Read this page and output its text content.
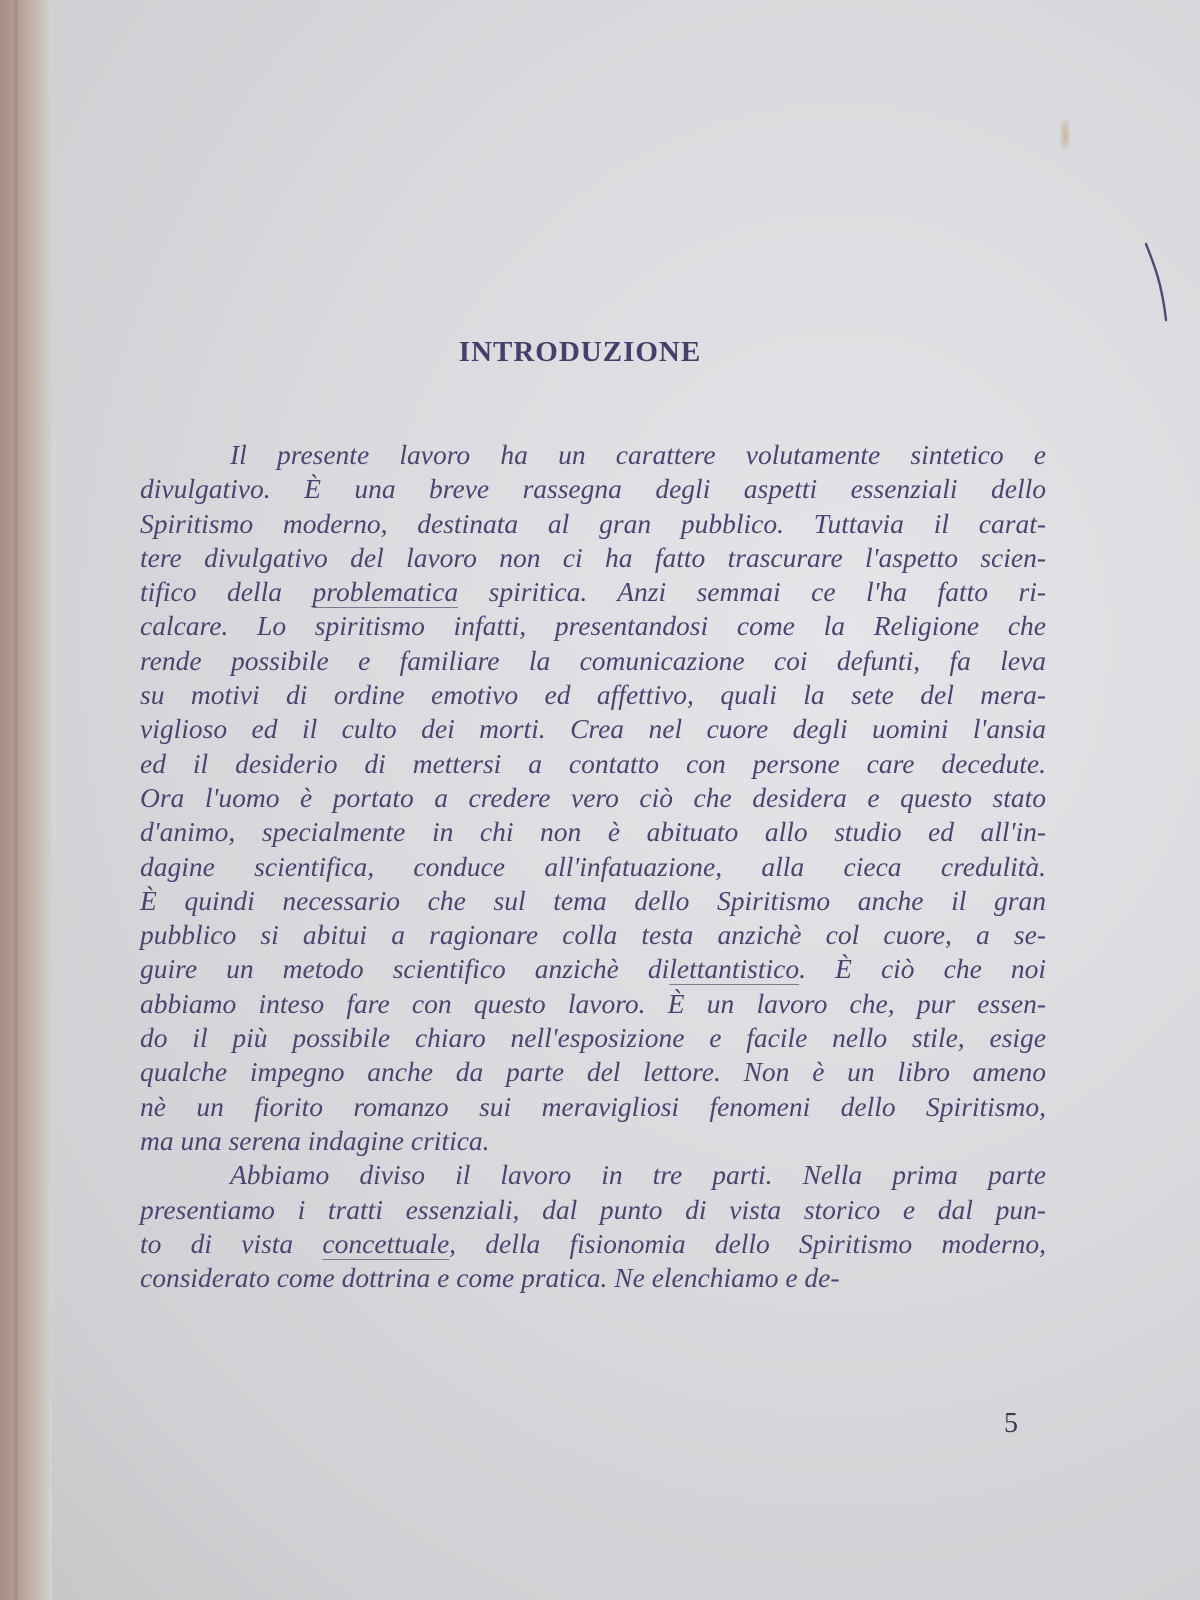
INTRODUZIONE
Il presente lavoro ha un carattere volutamente sintetico e
divulgativo. È una breve rassegna degli aspetti essenziali dello
Spiritismo moderno, destinata al gran pubblico. Tuttavia il carat-
tere divulgativo del lavoro non ci ha fatto trascurare l'aspetto scien-
tifico della problematica spiritica. Anzi semmai ce l'ha fatto ri-
calcare. Lo spiritismo infatti, presentandosi come la Religione che
rende possibile e familiare la comunicazione coi defunti, fa leva
su motivi di ordine emotivo ed affettivo, quali la sete del mera-
viglioso ed il culto dei morti. Crea nel cuore degli uomini l'ansia
ed il desiderio di mettersi a contatto con persone care decedute.
Ora l'uomo è portato a credere vero ciò che desidera e questo stato
d'animo, specialmente in chi non è abituato allo studio ed all'in-
dagine scientifica, conduce all'infatuazione, alla cieca credulità.
È quindi necessario che sul tema dello Spiritismo anche il gran
pubblico si abitui a ragionare colla testa anzichè col cuore, a se-
guire un metodo scientifico anzichè dilettantistico. È ciò che noi
abbiamo inteso fare con questo lavoro. È un lavoro che, pur essen-
do il più possibile chiaro nell'esposizione e facile nello stile, esige
qualche impegno anche da parte del lettore. Non è un libro ameno
nè un fiorito romanzo sui meravigliosi fenomeni dello Spiritismo,
ma una serena indagine critica.
Abbiamo diviso il lavoro in tre parti. Nella prima parte
presentiamo i tratti essenziali, dal punto di vista storico e dal pun-
to di vista concettuale, della fisionomia dello Spiritismo moderno,
considerato come dottrina e come pratica. Ne elenchiamo e de-
5
